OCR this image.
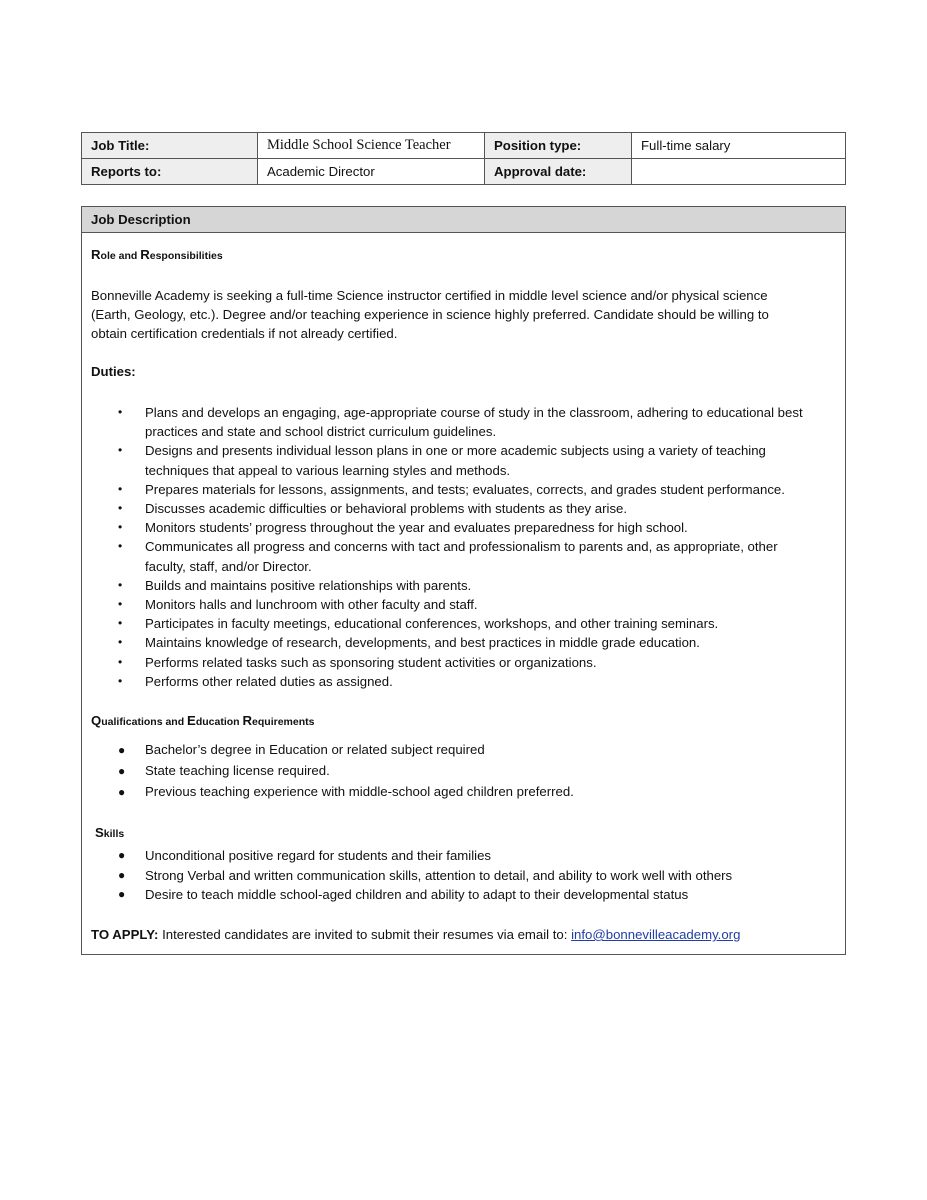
Job Title:	Middle School Science Teacher	Position type:	Full-time salary
Reports to:	Academic Director	Approval date:	
Job Description
Role and Responsibilities
Bonneville Academy is seeking a full-time Science instructor certified in middle level science and/or physical science
(Earth, Geology, etc.). Degree and/or teaching experience in science highly preferred. Candidate should be willing to
obtain certification credentials if not already certified.
Duties:
• Plans and develops an engaging, age-appropriate course of study in the classroom, adhering to educational best
practices and state and school district curriculum guidelines.
• Designs and presents individual lesson plans in one or more academic subjects using a variety of teaching
techniques that appeal to various learning styles and methods.
• Prepares materials for lessons, assignments, and tests; evaluates, corrects, and grades student performance.
• Discusses academic difficulties or behavioral problems with students as they arise.
• Monitors students’ progress throughout the year and evaluates preparedness for high school.
• Communicates all progress and concerns with tact and professionalism to parents and, as appropriate, other
faculty, staff, and/or Director.
• Builds and maintains positive relationships with parents.
• Monitors halls and lunchroom with other faculty and staff.
• Participates in faculty meetings, educational conferences, workshops, and other training seminars.
• Maintains knowledge of research, developments, and best practices in middle grade education.
• Performs related tasks such as sponsoring student activities or organizations.
• Performs other related duties as assigned.
Qualifications and Education Requirements
● Bachelor’s degree in Education or related subject required
● State teaching license required.
● Previous teaching experience with middle-school aged children preferred.
Skills
● Unconditional positive regard for students and their families
● Strong Verbal and written communication skills, attention to detail, and ability to work well with others
● Desire to teach middle school-aged children and ability to adapt to their developmental status
TO APPLY: Interested candidates are invited to submit their resumes via email to: info@bonnevilleacademy.org
